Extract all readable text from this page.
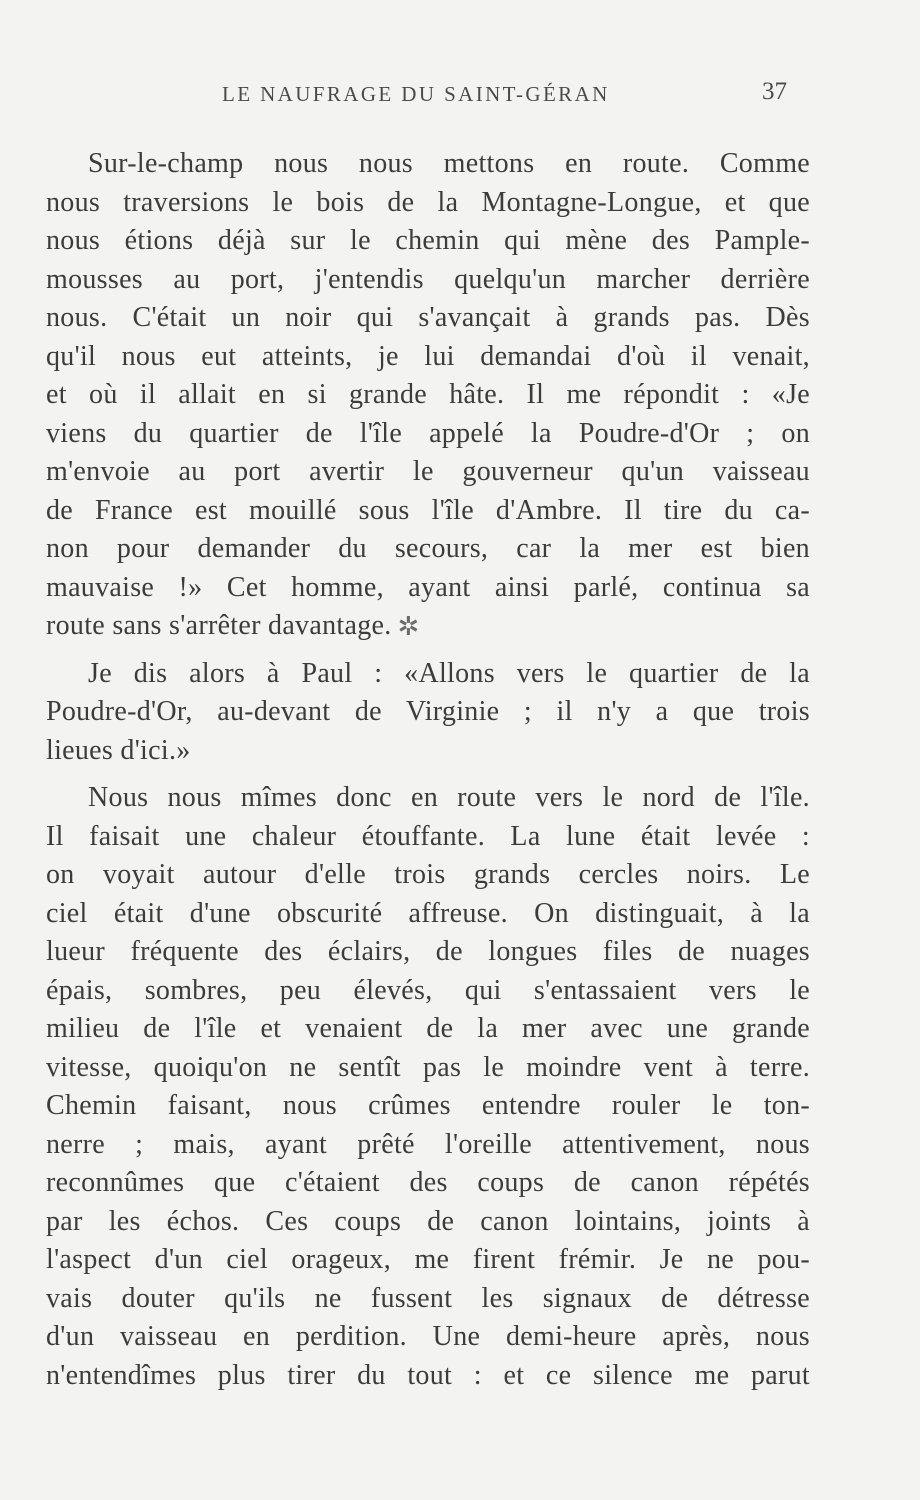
LE NAUFRAGE DU SAINT-GÉRAN	37
Sur-le-champ nous nous mettons en route. Comme
nous traversions le bois de la Montagne-Longue, et que
nous étions déjà sur le chemin qui mène des Pample-
mousses au port, j'entendis quelqu'un marcher derrière
nous. C'était un noir qui s'avançait à grands pas. Dès
qu'il nous eut atteints, je lui demandai d'où il venait,
et où il allait en si grande hâte. Il me répondit : «Je
viens du quartier de l'île appelé la Poudre-d'Or ; on
m'envoie au port avertir le gouverneur qu'un vaisseau
de France est mouillé sous l'île d'Ambre. Il tire du ca-
non pour demander du secours, car la mer est bien
mauvaise !» Cet homme, ayant ainsi parlé, continua sa
route sans s'arrêter davantage. ✲
Je dis alors à Paul : «Allons vers le quartier de la
Poudre-d'Or, au-devant de Virginie ; il n'y a que trois
lieues d'ici.»
Nous nous mîmes donc en route vers le nord de l'île.
Il faisait une chaleur étouffante. La lune était levée :
on voyait autour d'elle trois grands cercles noirs. Le
ciel était d'une obscurité affreuse. On distinguait, à la
lueur fréquente des éclairs, de longues files de nuages
épais, sombres, peu élevés, qui s'entassaient vers le
milieu de l'île et venaient de la mer avec une grande
vitesse, quoiqu'on ne sentît pas le moindre vent à terre.
Chemin faisant, nous crûmes entendre rouler le ton-
nerre ; mais, ayant prêté l'oreille attentivement, nous
reconnûmes que c'étaient des coups de canon répétés
par les échos. Ces coups de canon lointains, joints à
l'aspect d'un ciel orageux, me firent frémir. Je ne pou-
vais douter qu'ils ne fussent les signaux de détresse
d'un vaisseau en perdition. Une demi-heure après, nous
n'entendîmes plus tirer du tout : et ce silence me parut
